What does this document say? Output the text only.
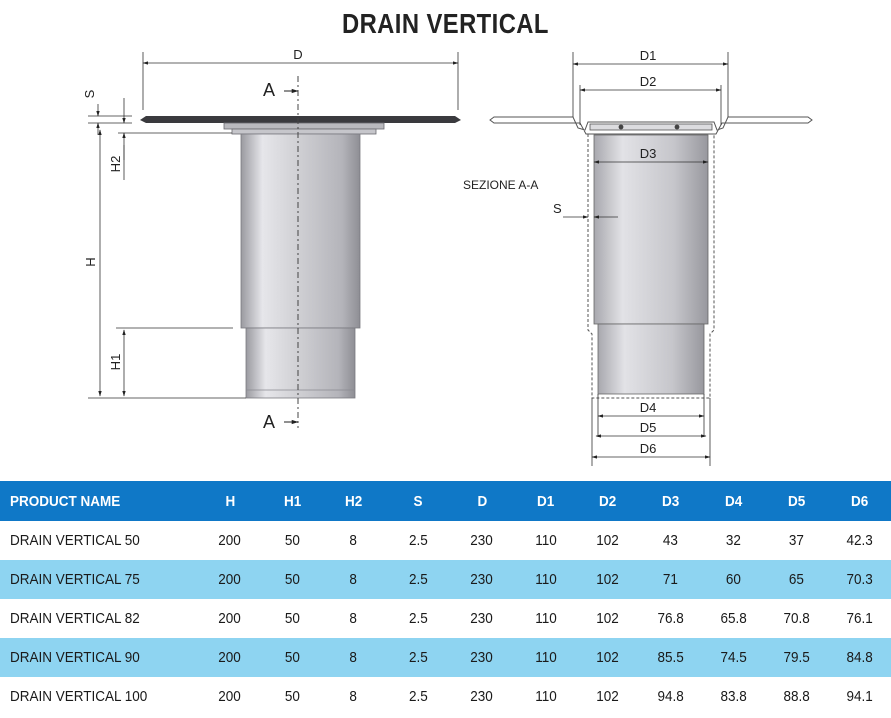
DRAIN VERTICAL
D
A
A
S
H2
H
H1
D1
D2
D3
SEZIONE A-A
S
D4
D5
D6
PRODUCT NAME	H	H1	H2	S	D	D1	D2	D3	D4	D5	D6
DRAIN VERTICAL 50	200	50	8	2.5	230	110	102	43	32	37	42.3
DRAIN VERTICAL 75	200	50	8	2.5	230	110	102	71	60	65	70.3
DRAIN VERTICAL 82	200	50	8	2.5	230	110	102	76.8	65.8	70.8	76.1
DRAIN VERTICAL 90	200	50	8	2.5	230	110	102	85.5	74.5	79.5	84.8
DRAIN VERTICAL 100	200	50	8	2.5	230	110	102	94.8	83.8	88.8	94.1
